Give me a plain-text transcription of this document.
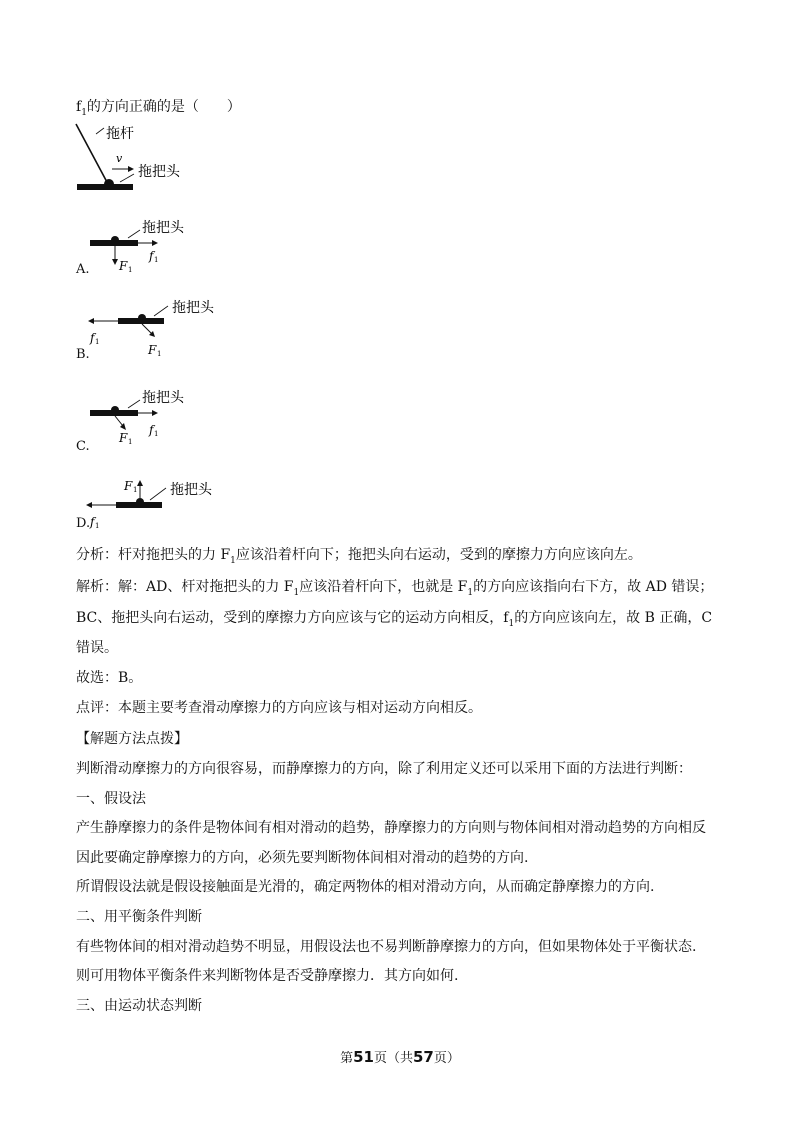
$f_1$的方向正确的是（　　）
拖杆
v
拖把头
拖把头
F 1
f 1
A.
拖把头
f 1
F 1
B.
拖把头
F 1
f 1
C.
拖把头
F 1
f 1
D.
分析：杆对拖把头的力 $F_1$应该沿着杆向下；拖把头向右运动，受到的摩擦力方向应该向左。
解析：解：AD、杆对拖把头的力 $F_1$应该沿着杆向下，也就是 $F_1$的方向应该指向右下方，故 AD 错误；
BC、拖把头向右运动，受到的摩擦力方向应该与它的运动方向相反，$f_1$的方向应该向左，故 B 正确，C
错误。
故选：B。
点评：本题主要考查滑动摩擦力的方向应该与相对运动方向相反。
【解题方法点拨】
判断滑动摩擦力的方向很容易，而静摩擦力的方向，除了利用定义还可以采用下面的方法进行判断：
一、假设法
产生静摩擦力的条件是物体间有相对滑动的趋势，静摩擦力的方向则与物体间相对滑动趋势的方向相反
因此要确定静摩擦力的方向，必须先要判断物体间相对滑动的趋势的方向.
所谓假设法就是假设接触面是光滑的，确定两物体的相对滑动方向，从而确定静摩擦力的方向.
二、用平衡条件判断
有些物体间的相对滑动趋势不明显，用假设法也不易判断静摩擦力的方向，但如果物体处于平衡状态.
则可用物体平衡条件来判断物体是否受静摩擦力．其方向如何.
三、由运动状态判断
第51页（共57页）
